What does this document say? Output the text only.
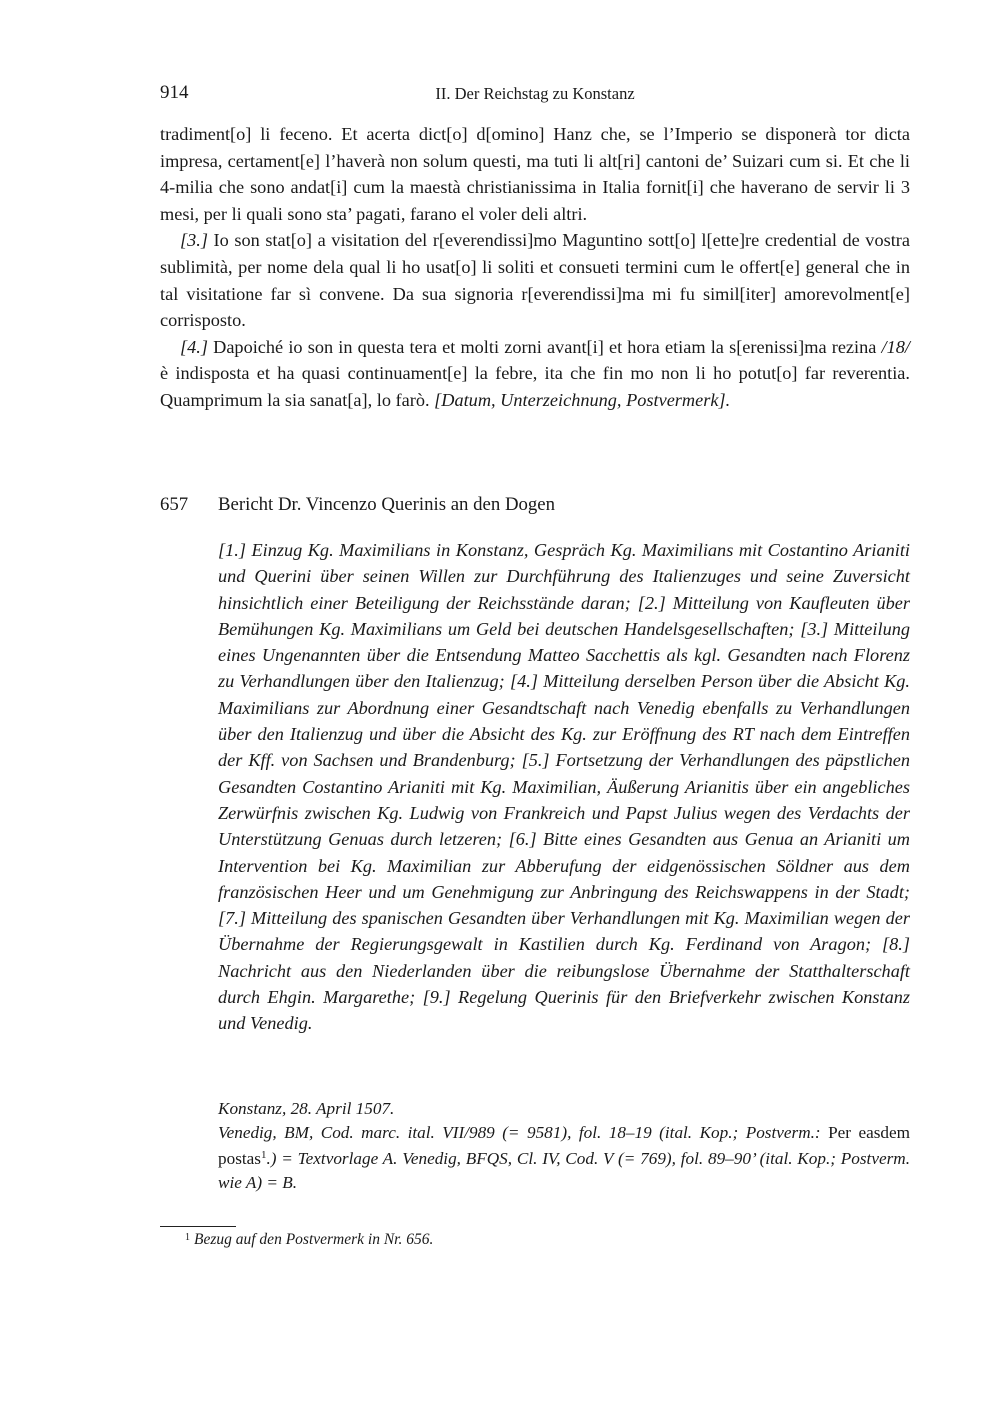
914	II. Der Reichstag zu Konstanz

tradiment[o] li feceno. Et acerta dict[o] d[omino] Hanz che, se l’Imperio se disponerà tor dicta impresa, certament[e] l’haverà non solum questi, ma tuti li alt[ri] cantoni de’ Suizari cum si. Et che li 4-milia che sono andat[i] cum la maestà christianissima in Italia fornit[i] che haverano de servir li 3 mesi, per li quali sono sta’ pagati, farano el voler deli altri.

[3.] Io son stat[o] a visitation del r[everendissi]mo Maguntino sott[o] l[ette]re credential de vostra sublimità, per nome dela qual li ho usat[o] li soliti et consueti termini cum le offert[e] general che in tal visitatione far sì convene. Da sua signoria r[everendissi]ma mi fu simil[iter] amorevolment[e] corrisposto.

[4.] Dapoiché io son in questa tera et molti zorni avant[i] et hora etiam la s[erenissi]ma rezina /18/ è indisposta et ha quasi continuament[e] la febre, ita che fin mo non li ho potut[o] far reverentia. Quamprimum la sia sanat[a], lo farò. [Datum, Unterzeichnung, Postvermerk].

657 Bericht Dr. Vincenzo Querinis an den Dogen
[1.] Einzug Kg. Maximilians in Konstanz, Gespräch Kg. Maximilians mit Costantino Arianiti und Querini über seinen Willen zur Durchführung des Italienzuges und seine Zuversicht hinsichtlich einer Beteiligung der Reichsstände daran; [2.] Mitteilung von Kaufleuten über Bemühungen Kg. Maximilians um Geld bei deutschen Handelsgesellschaften; [3.] Mitteilung eines Ungenannten über die Entsendung Matteo Sacchettis als kgl. Gesandten nach Florenz zu Verhandlungen über den Italienzug; [4.] Mitteilung derselben Person über die Absicht Kg. Maximilians zur Abordnung einer Gesandtschaft nach Venedig ebenfalls zu Verhandlungen über den Italienzug und über die Absicht des Kg. zur Eröffnung des RT nach dem Eintreffen der Kff. von Sachsen und Brandenburg; [5.] Fortsetzung der Verhandlungen des päpstlichen Gesandten Costantino Arianiti mit Kg. Maximilian, Äußerung Arianitis über ein angebliches Zerwürfnis zwischen Kg. Ludwig von Frankreich und Papst Julius wegen des Verdachts der Unterstützung Genuas durch letzeren; [6.] Bitte eines Gesandten aus Genua an Arianiti um Intervention bei Kg. Maximilian zur Abberufung der eidgenössischen Söldner aus dem französischen Heer und um Genehmigung zur Anbringung des Reichswappens in der Stadt; [7.] Mitteilung des spanischen Gesandten über Verhandlungen mit Kg. Maximilian wegen der Übernahme der Regierungsgewalt in Kastilien durch Kg. Ferdinand von Aragon; [8.] Nachricht aus den Niederlanden über die reibungslose Übernahme der Statthalterschaft durch Ehgin. Margarethe; [9.] Regelung Querinis für den Briefverkehr zwischen Konstanz und Venedig.
Konstanz, 28. April 1507.
Venedig, BM, Cod. marc. ital. VII/989 (= 9581), fol. 18–19 (ital. Kop.; Postverm.: Per easdem postas$^1$.) = Textvorlage A. Venedig, BFQS, Cl. IV, Cod. V (= 769), fol. 89–90’ (ital. Kop.; Postverm. wie A) = B.
$^1$ Bezug auf den Postvermerk in Nr. 656.
